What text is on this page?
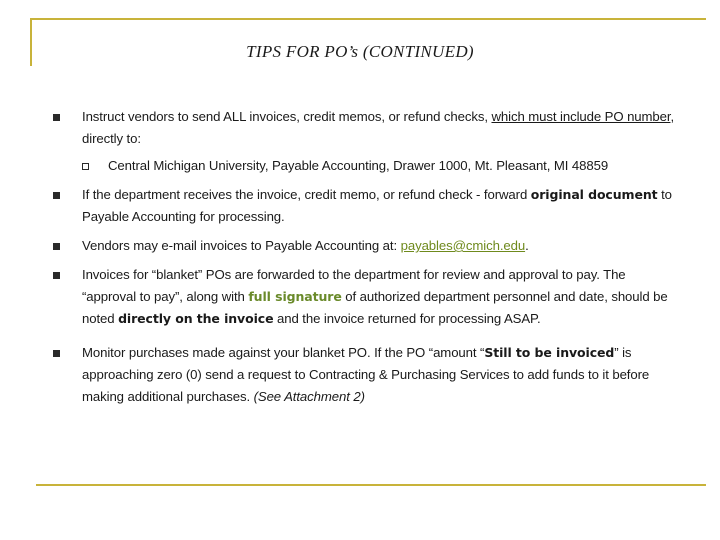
TIPS FOR PO’s (CONTINUED)
Instruct vendors to send ALL invoices, credit memos, or refund checks, which must include PO number, directly to:
Central Michigan University, Payable Accounting, Drawer 1000, Mt. Pleasant, MI 48859
If the department receives the invoice, credit memo, or refund check - forward original document to Payable Accounting for processing.
Vendors may e-mail invoices to Payable Accounting at: payables@cmich.edu.
Invoices for “blanket” POs are forwarded to the department for review and approval to pay. The “approval to pay”, along with full signature of authorized department personnel and date, should be noted directly on the invoice and the invoice returned for processing ASAP.
Monitor purchases made against your blanket PO. If the PO “amount “Still to be invoiced” is approaching zero (0) send a request to Contracting & Purchasing Services to add funds to it before making additional purchases. (See Attachment 2)
